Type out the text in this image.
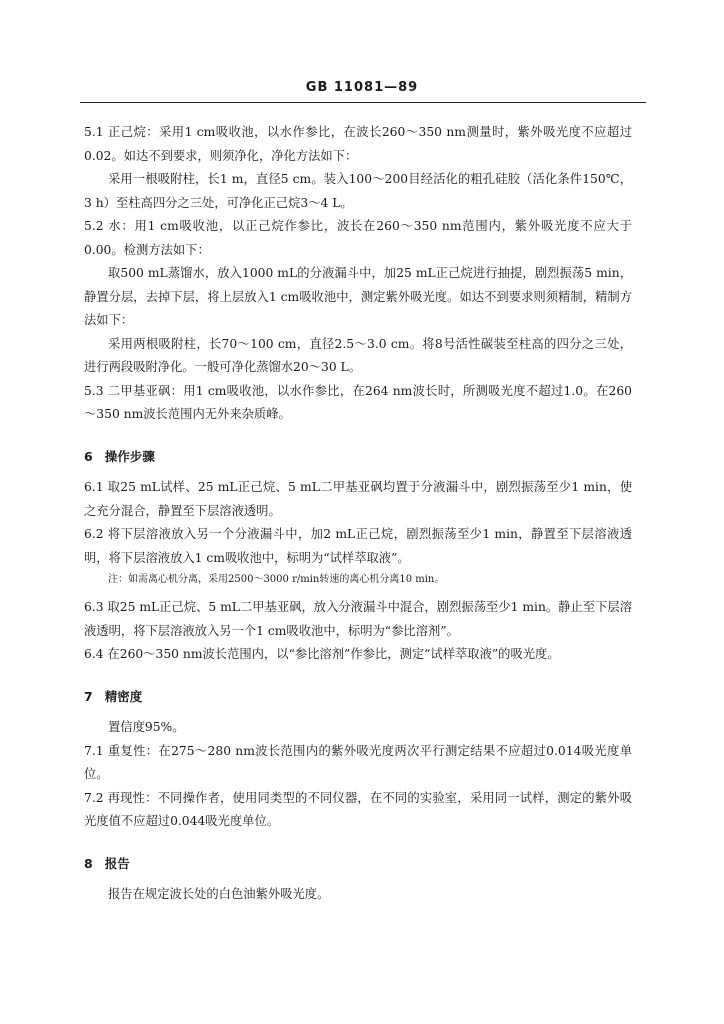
GB 11081—89

5.1 正己烷：采用1 cm吸收池，以水作参比，在波长260～350 nm测量时，紫外吸光度不应超过0.02。如达不到要求，则须净化，净化方法如下：

采用一根吸附柱，长1 m，直径5 cm。装入100～200目经活化的粗孔硅胶（活化条件150℃，3 h）至柱高四分之三处，可净化正己烷3～4 L。

5.2 水：用1 cm吸收池，以正己烷作参比，波长在260～350 nm范围内，紫外吸光度不应大于0.00。检测方法如下：

取500 mL蒸馏水，放入1000 mL的分液漏斗中，加25 mL正己烷进行抽提，剧烈振荡5 min，静置分层，去掉下层，将上层放入1 cm吸收池中，测定紫外吸光度。如达不到要求则须精制，精制方法如下：

采用两根吸附柱，长70～100 cm，直径2.5～3.0 cm。将8号活性碳装至柱高的四分之三处，进行两段吸附净化。一般可净化蒸馏水20～30 L。

5.3 二甲基亚砜：用1 cm吸收池，以水作参比，在264 nm波长时，所测吸光度不超过1.0。在260～350 nm波长范围内无外来杂质峰。

6 操作步骤

6.1 取25 mL试样、25 mL正己烷、5 mL二甲基亚砜均置于分液漏斗中，剧烈振荡至少1 min，使之充分混合，静置至下层溶液透明。

6.2 将下层溶液放入另一个分液漏斗中，加2 mL正己烷，剧烈振荡至少1 min，静置至下层溶液透明，将下层溶液放入1 cm吸收池中，标明为“试样萃取液”。

注：如需离心机分离，采用2500～3000 r/min转速的离心机分离10 min。

6.3 取25 mL正己烷、5 mL二甲基亚砜，放入分液漏斗中混合，剧烈振荡至少1 min。静止至下层溶液透明，将下层溶液放入另一个1 cm吸收池中，标明为“参比溶剂”。

6.4 在260～350 nm波长范围内，以“参比溶剂”作参比，测定“试样萃取液”的吸光度。

7 精密度

置信度95%。

7.1 重复性：在275～280 nm波长范围内的紫外吸光度两次平行测定结果不应超过0.014吸光度单位。

7.2 再现性：不同操作者，使用同类型的不同仪器，在不同的实验室，采用同一试样，测定的紫外吸光度值不应超过0.044吸光度单位。

8 报告

报告在规定波长处的白色油紫外吸光度。
